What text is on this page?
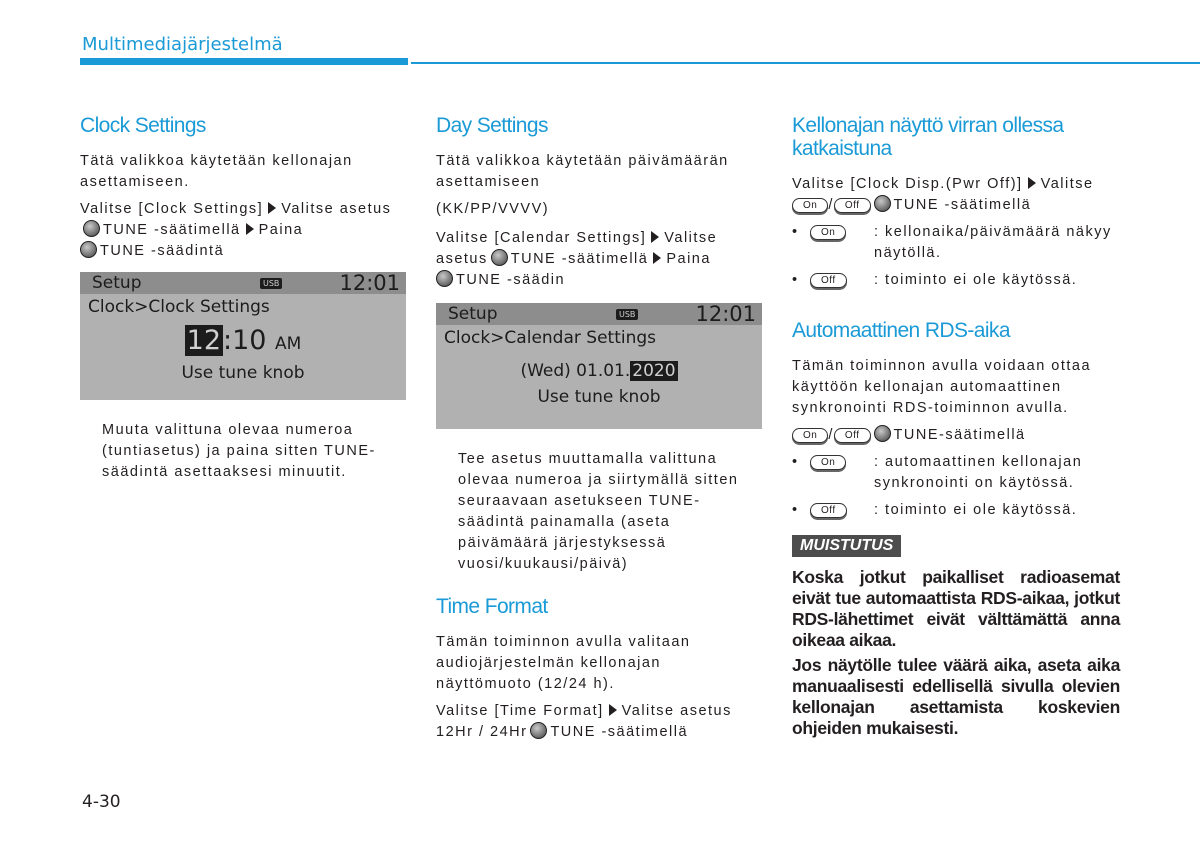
Multimediajärjestelmä
Clock Settings

Tätä valikkoa käytetään kellonajan asettamiseen.

Valitse [Clock Settings] Valitse asetusTUNE -säätimellä Paina
TUNE -säädintä

Setup	USB	12:01
Clock>Clock Settings
12:10 AM
Use tune knob

Muuta valittuna olevaa numeroa (tuntiasetus) ja paina sitten TUNE-säädintä asettaaksesi minuutit.

Day Settings

Tätä valikkoa käytetään päivämäärän asettamiseen

(KK/PP/VVVV)

Valitse [Calendar Settings] Valitse asetus TUNE -säätimellä Paina
TUNE -säädin

Setup	USB	12:01
Clock>Calendar Settings
(Wed) 01.01. 2020
Use tune knob

Tee asetus muuttamalla valittuna olevaa numeroa ja siirtymällä sitten seuraavaan asetukseen TUNE-säädintä painamalla (aseta päivämäärä järjestyksessä vuosi/kuukausi/päivä)

Time Format

Tämän toiminnon avulla valitaan audiojärjestelmän kellonajan näyttömuoto (12/24 h).

Valitse [Time Format] Valitse asetus 12Hr / 24Hr TUNE -säätimellä

Kellonajan näyttö virran ollessa katkaistuna

Valitse [Clock Disp.(Pwr Off)] Valitse
On / Off TUNE -säätimellä

•	On	: kellonaika/päivämäärä näkyy näytöllä.

•	Off	: toiminto ei ole käytössä.

Automaattinen RDS-aika

Tämän toiminnon avulla voidaan ottaa käyttöön kellonajan automaattinen synkronointi RDS-toiminnon avulla.

On / Off TUNE-säätimellä

•	On	: automaattinen kellonajan synkronointi on käytössä.

•	Off	: toiminto ei ole käytössä.

MUISTUTUS

Koska jotkut paikalliset radioasemat eivät tue automaattista RDS-aikaa, jotkut RDS-lähettimet eivät välttämättä anna oikeaa aikaa.

Jos näytölle tulee väärä aika, aseta aika manuaalisesti edellisellä sivulla olevien kellonajan asettamista koskevien ohjeiden mukaisesti.

4-30
